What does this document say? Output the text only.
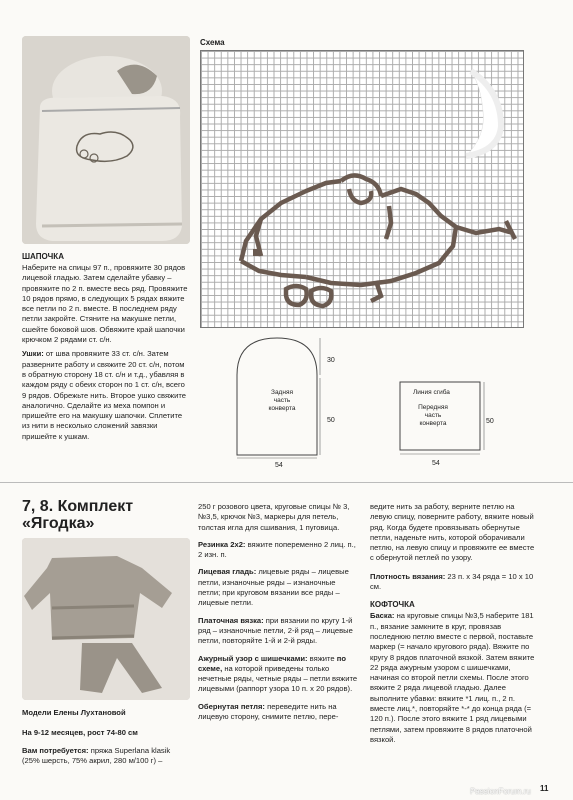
Схема

30

50

54

Задняя часть конверта

Линия сгиба

Передняя часть конверта	50

54

ШАПОЧКА

Наберите на спицы 97 п., провяжите 30 рядов лицевой гладью. Затем сделайте убавку – провяжите по 2 п. вместе весь ряд. Провяжите 10 рядов прямо, в следующих 5 рядах вяжите все петли по 2 п. вместе. В последнем ряду петли закройте. Стяните на макушке петли, сшейте боковой шов. Обвяжите край шапочки крючком 2 рядами ст. с/н.

Ушки: от шва провяжите 33 ст. с/н. Затем разверните работу и свяжите 20 ст. с/н, потом в обратную сторону 18 ст. с/н и т.д., убавляя в каждом ряду с обеих сторон по 1 ст. с/н, всего 9 рядов. Обрежьте нить. Второе ушко свяжите аналогично. Сделайте из меха помпон и пришейте его на макушку шапочки. Сплетите из нити в несколько сложений завязки пришейте к ушкам.

7, 8. Комплект

«Ягодка»

Модели Елены Лухтановой

На 9-12 месяцев, рост 74-80 см

Вам потребуется: пряжа Superlana klasik (25% шерсть, 75% акрил, 280 м/100 г) –

250 г розового цвета, круговые спицы № 3, №3,5, крючок №3, маркеры для петель, толстая игла для сшивания, 1 пуговица.

Резинка 2х2: вяжите попеременно 2 лиц. п., 2 изн. п.

Лицевая гладь: лицевые ряды – лицевые петли, изнаночные ряды – изнаночные петли; при круговом вязании все ряды – лицевые петли.

Платочная вязка: при вязании по кругу 1-й ряд – изнаночные петли, 2-й ряд – лицевые петли, повторяйте 1-й и 2-й ряды.

Ажурный узор с шишечками: вяжите по схеме, на которой приведены только нечетные ряды, четные ряды – петли вяжите лицевыми (раппорт узора 10 п. х 20 рядов).

Обернутая петля: переведите нить на лицевую сторону, снимите петлю, пере-

ведите нить за работу, верните петлю на левую спицу, поверните работу, вяжите новый ряд. Когда будете провязывать обернутые петли, наденьте нить, которой оборачивали петлю, на левую спицу и провяжите ее вместе с обернутой петлей по узору.

Плотность вязания: 23 п. х 34 ряда = 10 х 10 см.

КОФТОЧКА

Баска: на круговые спицы №3,5 наберите 181 п., вязание замкните в круг, провязав последнюю петлю вместе с первой, поставьте маркер (= начало кругового ряда). Вяжите по кругу 8 рядов платочной вязкой. Затем вяжите 22 ряда ажурным узором с шишечками, начиная со второй петли схемы. После этого вяжите 2 ряда лицевой гладью. Далее выполните убавки: вяжите *1 лиц. п., 2 п. вместе лиц.*, повторяйте *-* до конца ряда (= 120 п.). После этого вяжите 1 ряд лицевыми петлями, затем провяжите 8 рядов платочной вязкой.

11

PassionForum.ru
